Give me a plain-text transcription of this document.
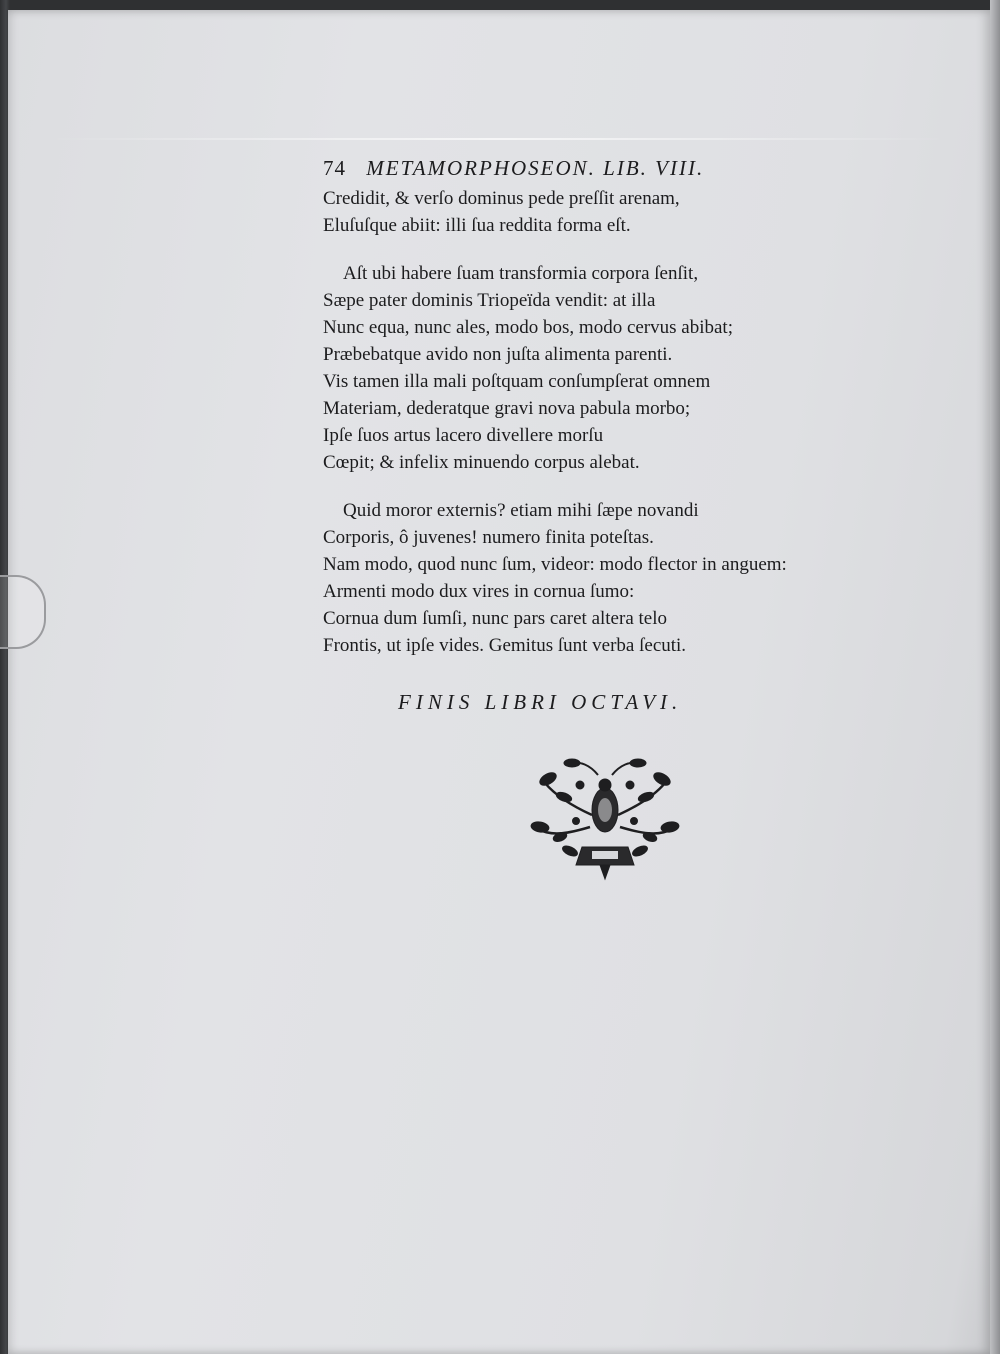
74 METAMORPHOSEON. LIB. VIII.
Credidit, & verſo dominus pede preſſit arenam,
Eluſuſque abiit: illi ſua reddita forma eſt.
Aſt ubi habere ſuam transformia corpora ſenſit,
Sæpe pater dominis Triopeïda vendit: at illa
Nunc equa, nunc ales, modo bos, modo cervus abibat;
Præbebatque avido non juſta alimenta parenti.
Vis tamen illa mali poſtquam conſumpſerat omnem
Materiam, dederatque gravi nova pabula morbo;
Ipſe ſuos artus lacero divellere morſu
Cœpit; & infelix minuendo corpus alebat.
Quid moror externis? etiam mihi ſæpe novandi
Corporis, ô juvenes! numero finita poteſtas.
Nam modo, quod nunc ſum, videor: modo flector in anguem:
Armenti modo dux vires in cornua ſumo:
Cornua dum ſumſi, nunc pars caret altera telo
Frontis, ut ipſe vides. Gemitus ſunt verba ſecuti.
FINIS LIBRI OCTAVI.
